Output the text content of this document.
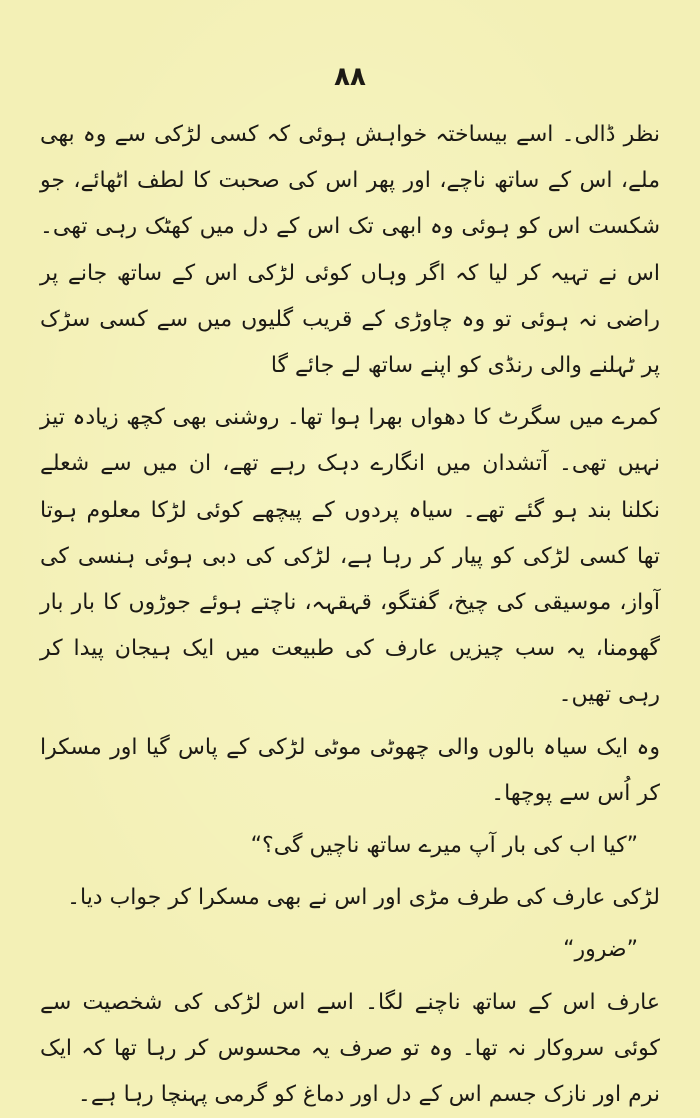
۸۸

نظر ڈالی۔ اسے بیساختہ خواہش ہوئی کہ کسی لڑکی سے وہ بھی ملے، اس کے ساتھ ناچے، اور پھر اس کی صحبت کا لطف اٹھائے، جو شکست اس کو ہوئی وہ ابھی تک اس کے دل میں کھٹک رہی تھی۔ اس نے تہیہ کر لیا کہ اگر وہاں کوئی لڑکی اس کے ساتھ جانے پر راضی نہ ہوئی تو وہ چاوڑی کے قریب گلیوں میں سے کسی سڑک پر ٹہلنے والی رنڈی کو اپنے ساتھ لے جائے گا

کمرے میں سگرٹ کا دھواں بھرا ہوا تھا۔ روشنی بھی کچھ زیادہ تیز نہیں تھی۔ آتشدان میں انگارے دہک رہے تھے، ان میں سے شعلے نکلنا بند ہو گئے تھے۔ سیاہ پردوں کے پیچھے کوئی لڑکا معلوم ہوتا تھا کسی لڑکی کو پیار کر رہا ہے، لڑکی کی دبی ہوئی ہنسی کی آواز، موسیقی کی چیخ، گفتگو، قہقہہ، ناچتے ہوئے جوڑوں کا بار بار گھومنا، یہ سب چیزیں عارف کی طبیعت میں ایک ہیجان پیدا کر رہی تھیں۔

وہ ایک سیاہ بالوں والی چھوٹی موٹی لڑکی کے پاس گیا اور مسکرا کر اُس سے پوچھا۔

”کیا اب کی بار آپ میرے ساتھ ناچیں گی؟“

لڑکی عارف کی طرف مڑی اور اس نے بھی مسکرا کر جواب دیا۔

”ضرور“

عارف اس کے ساتھ ناچنے لگا۔ اسے اس لڑکی کی شخصیت سے کوئی سروکار نہ تھا۔ وہ تو صرف یہ محسوس کر رہا تھا کہ ایک نرم اور نازک جسم اس کے دل اور دماغ کو گرمی پہنچا رہا ہے۔
